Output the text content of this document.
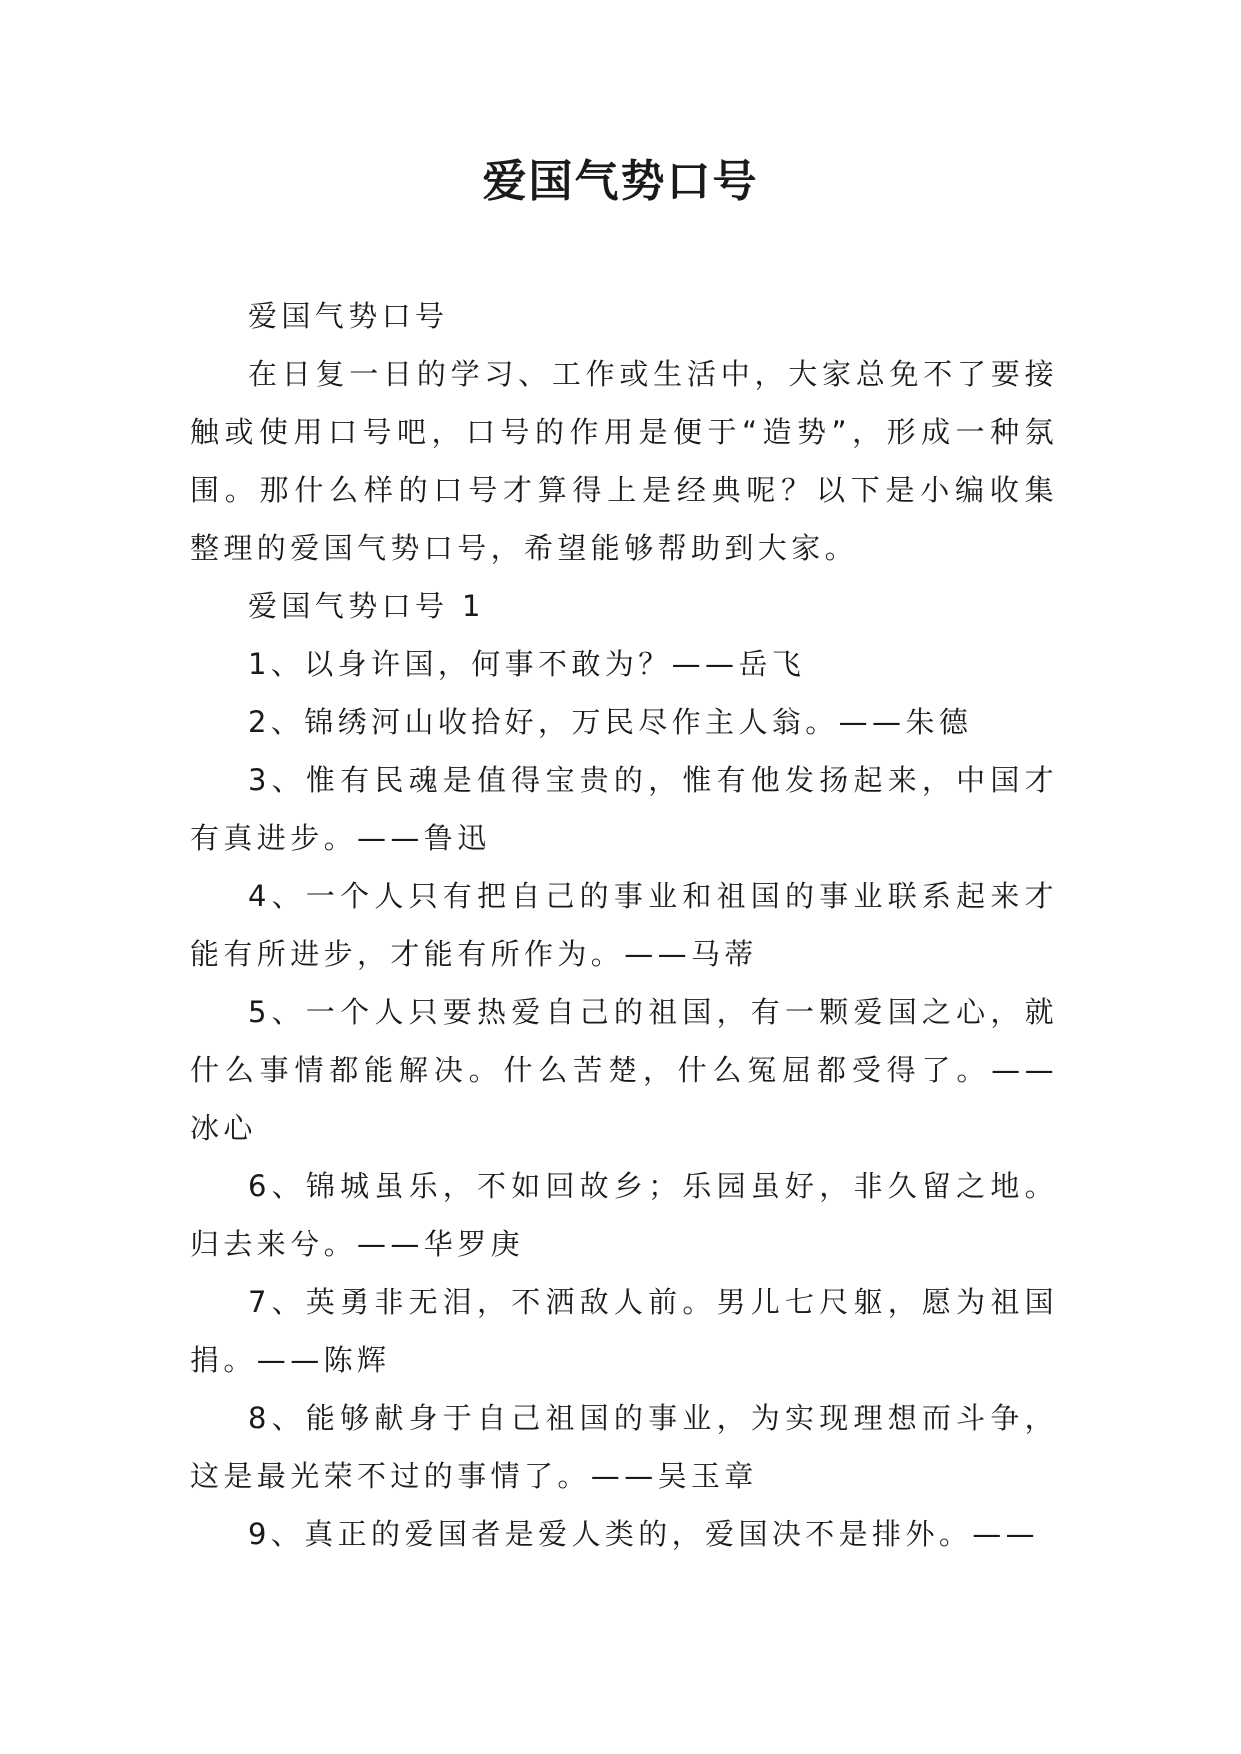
爱国气势口号

爱国气势口号

在日复一日的学习、工作或生活中，大家总免不了要接触或使用口号吧，口号的作用是便于“造势”，形成一种氛围。那什么样的口号才算得上是经典呢？以下是小编收集整理的爱国气势口号，希望能够帮助到大家。

爱国气势口号 1

1、以身许国，何事不敢为？——岳飞

2、锦绣河山收拾好，万民尽作主人翁。——朱德

3、惟有民魂是值得宝贵的，惟有他发扬起来，中国才有真进步。——鲁迅

4、一个人只有把自己的事业和祖国的事业联系起来才能有所进步，才能有所作为。——马蒂

5、一个人只要热爱自己的祖国，有一颗爱国之心，就什么事情都能解决。什么苦楚，什么冤屈都受得了。——冰心

6、锦城虽乐，不如回故乡；乐园虽好，非久留之地。归去来兮。——华罗庚

7、英勇非无泪，不洒敌人前。男儿七尺躯，愿为祖国捐。——陈辉

8、能够献身于自己祖国的事业，为实现理想而斗争，这是最光荣不过的事情了。——吴玉章

9、真正的爱国者是爱人类的，爱国决不是排外。——
